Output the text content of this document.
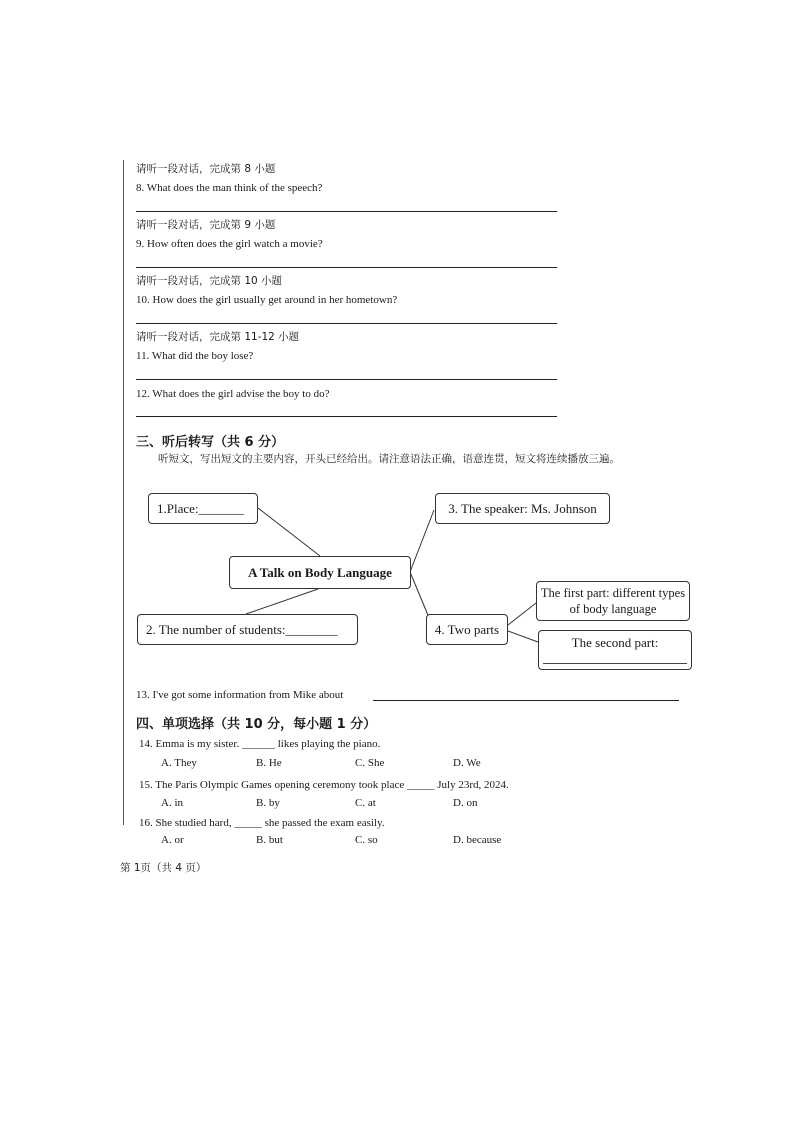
请听一段对话，完成第 8 小题
8. What does the man think of the speech?
请听一段对话，完成第 9 小题
9. How often does the girl watch a movie?
请听一段对话，完成第 10 小题
10. How does the girl usually get around in her hometown?
请听一段对话，完成第 11-12 小题
11. What did the boy lose?
12. What does the girl advise the boy to do?
三、听后转写（共 6 分）
听短文，写出短文的主要内容，开头已经给出。请注意语法正确，语意连贯，短文将连续播放三遍。
1.Place:_______
A Talk on Body Language
2. The number of students:________
3. The speaker: Ms. Johnson
4. Two parts
The first part: different types of body language
The second part:
13. I've got some information from Mike about
四、单项选择（共 10 分，每小题 1 分）
14. Emma is my sister. ______ likes playing the piano.
A. They	B. He	C. She	D. We
15. The Paris Olympic Games opening ceremony took place _____ July 23rd, 2024.
A. in	B. by	C. at	D. on
16. She studied hard, _____ she passed the exam easily.
A. or	B. but	C. so	D. because
第 1页（共 4 页）
